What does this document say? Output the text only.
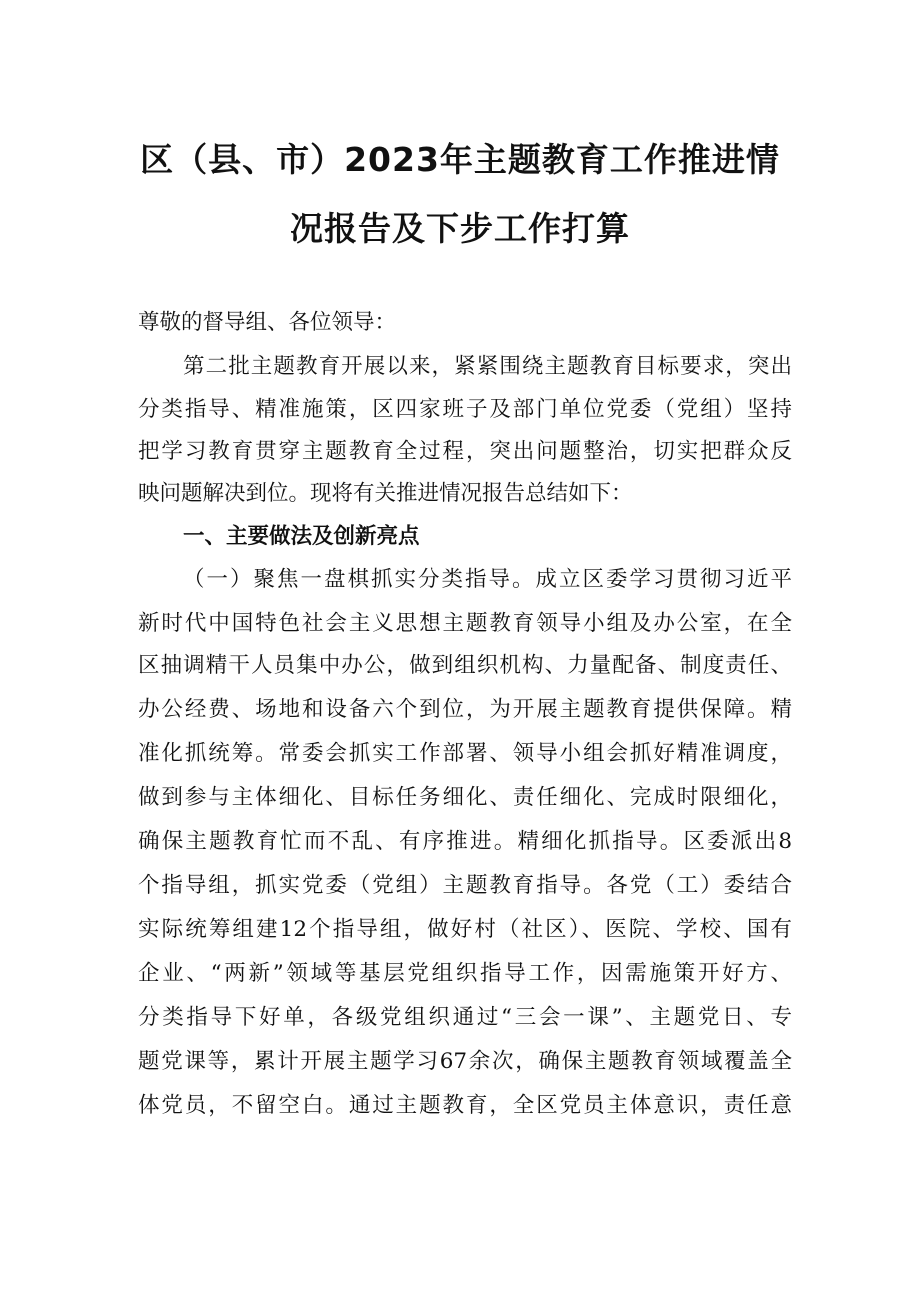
区（县、市）2023年主题教育工作推进情
况报告及下步工作打算
尊敬的督导组、各位领导：
第二批主题教育开展以来，紧紧围绕主题教育目标要求，突出
分类指导、精准施策，区四家班子及部门单位党委（党组）坚持
把学习教育贯穿主题教育全过程，突出问题整治，切实把群众反
映问题解决到位。现将有关推进情况报告总结如下：
一、主要做法及创新亮点
（一）聚焦一盘棋抓实分类指导。成立区委学习贯彻习近平
新时代中国特色社会主义思想主题教育领导小组及办公室，在全
区抽调精干人员集中办公，做到组织机构、力量配备、制度责任、
办公经费、场地和设备六个到位，为开展主题教育提供保障。精
准化抓统筹。常委会抓实工作部署、领导小组会抓好精准调度，
做到参与主体细化、目标任务细化、责任细化、完成时限细化，
确保主题教育忙而不乱、有序推进。精细化抓指导。区委派出8
个指导组，抓实党委（党组）主题教育指导。各党（工）委结合
实际统筹组建12个指导组，做好村（社区）、医院、学校、国有
企业、“两新”领域等基层党组织指导工作，因需施策开好方、
分类指导下好单，各级党组织通过“三会一课”、主题党日、专
题党课等，累计开展主题学习67余次，确保主题教育领域覆盖全
体党员，不留空白。通过主题教育，全区党员主体意识，责任意
